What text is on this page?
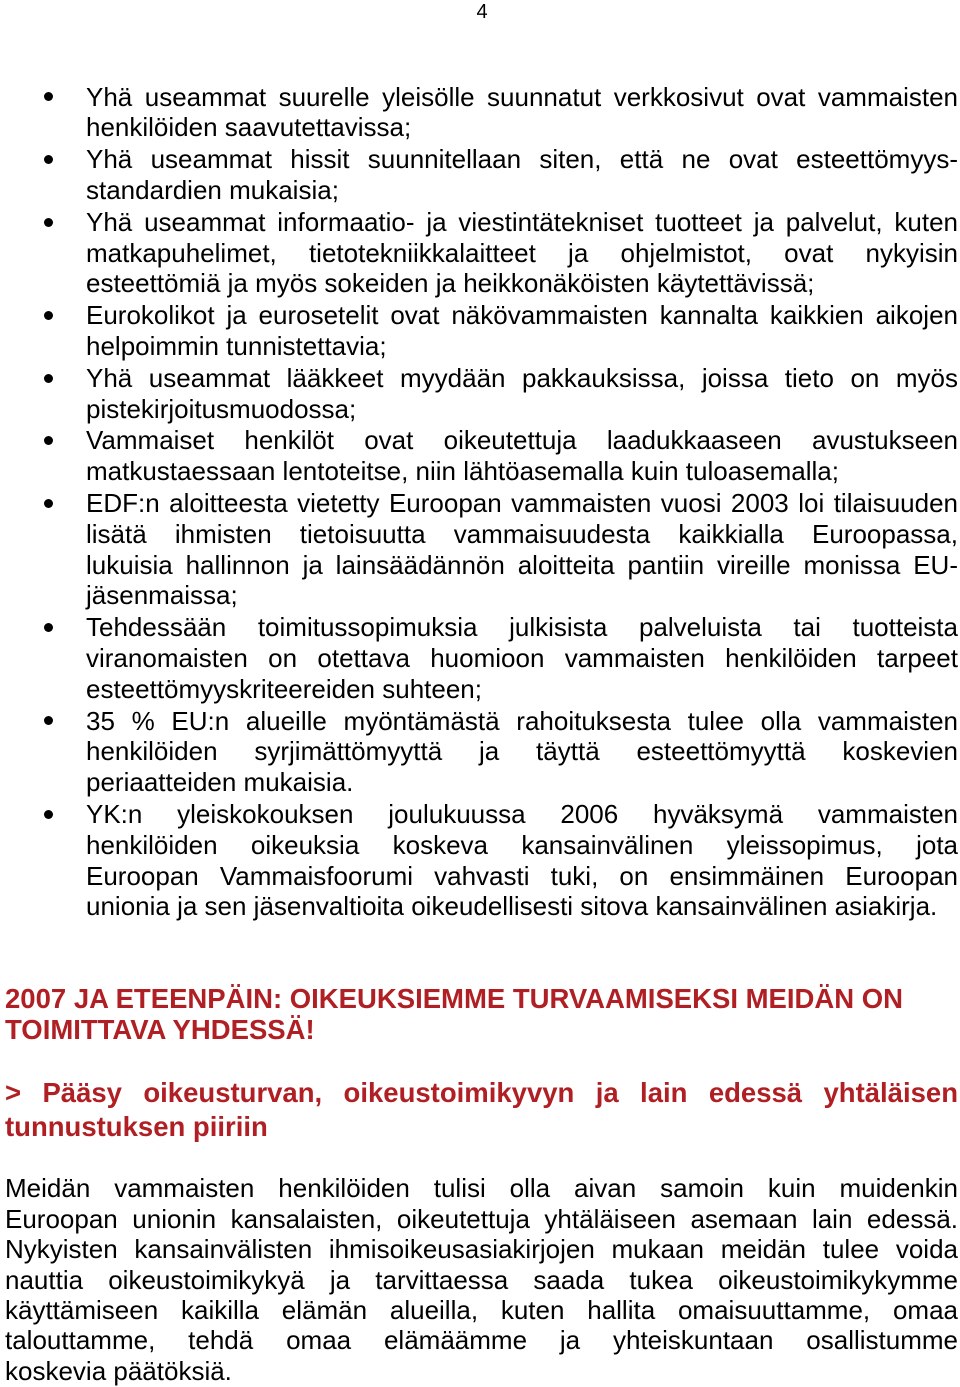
4
Yhä useammat suurelle yleisölle suunnatut verkkosivut ovat vammaisten
henkilöiden saavutettavissa;
Yhä useammat hissit suunnitellaan siten, että ne ovat esteettömyys-
standardien mukaisia;
Yhä useammat informaatio- ja viestintätekniset tuotteet ja palvelut, kuten
matkapuhelimet, tietotekniikkalaitteet ja ohjelmistot, ovat nykyisin
esteettömiä ja myös sokeiden ja heikkonäköisten käytettävissä;
Eurokolikot ja eurosetelit ovat näkövammaisten kannalta kaikkien aikojen
helpoimmin tunnistettavia;
Yhä useammat lääkkeet myydään pakkauksissa, joissa tieto on myös
pistekirjoitusmuodossa;
Vammaiset henkilöt ovat oikeutettuja laadukkaaseen avustukseen
matkustaessaan lentoteitse, niin lähtöasemalla kuin tuloasemalla;
EDF:n aloitteesta vietetty Euroopan vammaisten vuosi 2003 loi tilaisuuden
lisätä ihmisten tietoisuutta vammaisuudesta kaikkialla Euroopassa,
lukuisia hallinnon ja lainsäädännön aloitteita pantiin vireille monissa EU-
jäsenmaissa;
Tehdessään toimitussopimuksia julkisista palveluista tai tuotteista
viranomaisten on otettava huomioon vammaisten henkilöiden tarpeet
esteettömyyskriteereiden suhteen;
35 % EU:n alueille myöntämästä rahoituksesta tulee olla vammaisten
henkilöiden syrjimättömyyttä ja täyttä esteettömyyttä koskevien
periaatteiden mukaisia.
YK:n yleiskokouksen joulukuussa 2006 hyväksymä vammaisten
henkilöiden oikeuksia koskeva kansainvälinen yleissopimus, jota
Euroopan Vammaisfoorumi vahvasti tuki, on ensimmäinen Euroopan
unionia ja sen jäsenvaltioita oikeudellisesti sitova kansainvälinen asiakirja.
2007 JA ETEENPÄIN: OIKEUKSIEMME TURVAAMISEKSI MEIDÄN ON
TOIMITTAVA YHDESSÄ!
> Pääsy oikeusturvan, oikeustoimikyvyn ja lain edessä yhtäläisen
tunnustuksen piiriin

Meidän vammaisten henkilöiden tulisi olla aivan samoin kuin muidenkin
Euroopan unionin kansalaisten, oikeutettuja yhtäläiseen asemaan lain edessä.
Nykyisten kansainvälisten ihmisoikeusasiakirjojen mukaan meidän tulee voida
nauttia oikeustoimikykyä ja tarvittaessa saada tukea oikeustoimikykymme
käyttämiseen kaikilla elämän alueilla, kuten hallita omaisuuttamme, omaa
talouttamme, tehdä omaa elämäämme ja yhteiskuntaan osallistumme
koskevia päätöksiä.
